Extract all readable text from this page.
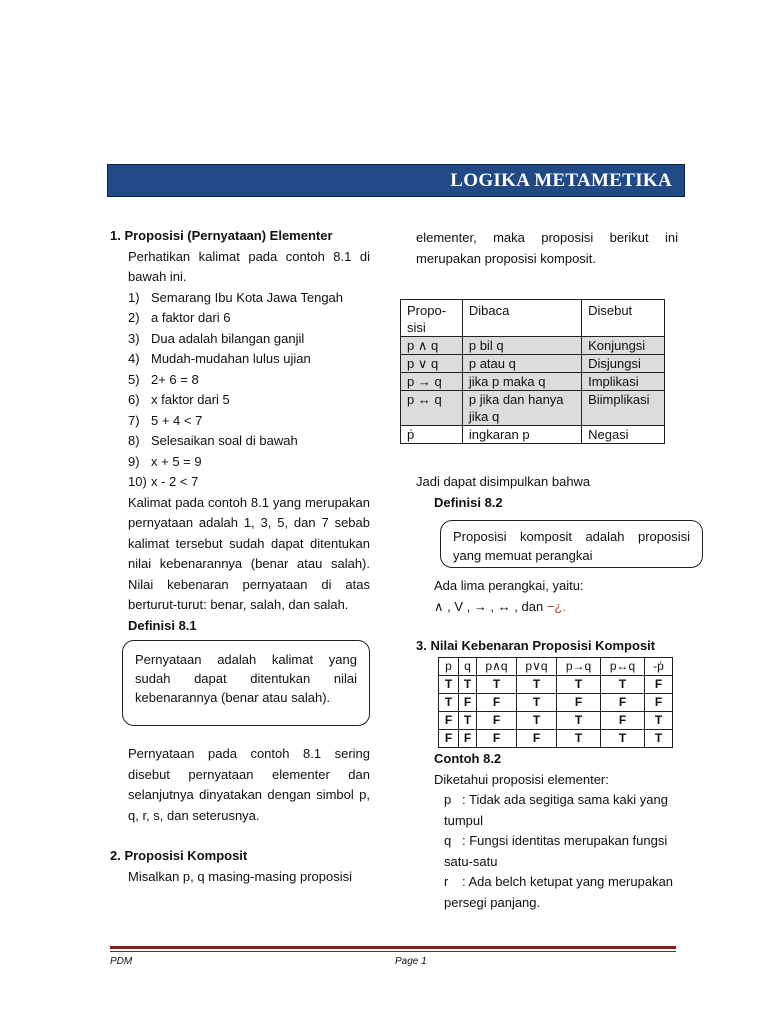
LOGIKA METAMETIKA
1. Proposisi (Pernyataan) Elementer
Perhatikan kalimat pada contoh 8.1 di bawah ini.
1) Semarang Ibu Kota Jawa Tengah
2) a faktor dari 6
3) Dua adalah bilangan ganjil
4) Mudah-mudahan lulus ujian
5) 2+ 6 = 8
6) x faktor dari 5
7) 5 + 4 < 7
8) Selesaikan soal di bawah
9) x + 5 = 9
10) x - 2 < 7
Kalimat pada contoh 8.1 yang merupakan pernyataan adalah 1, 3, 5, dan 7 sebab kalimat tersebut sudah dapat ditentukan nilai kebenarannya (benar atau salah). Nilai kebenaran pernyataan di atas berturut-turut: benar, salah, dan salah.
Definisi 8.1
Pernyataan adalah kalimat yang sudah dapat ditentukan nilai kebenarannya (benar atau salah).
Pernyataan pada contoh 8.1 sering disebut pernyataan elementer dan selanjutnya dinyatakan dengan simbol p, q, r, s, dan seterusnya.
2. Proposisi Komposit
Misalkan p, q masing-masing proposisi
elementer, maka proposisi berikut ini merupakan proposisi komposit.
Propo- sisi	Dibaca	Disebut
p ∧ q	p bil q	Konjungsi
p ∨ q	p atau q	Disjungsi
p → q	jika p maka q	Implikasi
p ↔ q	p jika dan hanya jika q	Biimplikasi
ṗ	ingkaran p	Negasi
Jadi dapat disimpulkan bahwa
Definisi 8.2
Proposisi komposit adalah proposisi yang memuat perangkai
Ada lima perangkai, yaitu:
∧ , V , → , ↔ , dan −¿.
3. Nilai Kebenaran Proposisi Komposit
p	q	p∧q	p∨q	p→q	p↔q	-ṗ
T	T	T	T	T	T	F
T	F	F	T	F	F	F
F	T	F	T	T	F	T
F	F	F	F	T	T	T
Contoh 8.2
Diketahui proposisi elementer:
p : Tidak ada segitiga sama kaki yang tumpul
q : Fungsi identitas merupakan fungsi satu-satu
r : Ada belch ketupat yang merupakan persegi panjang.
PDM	Page 1
